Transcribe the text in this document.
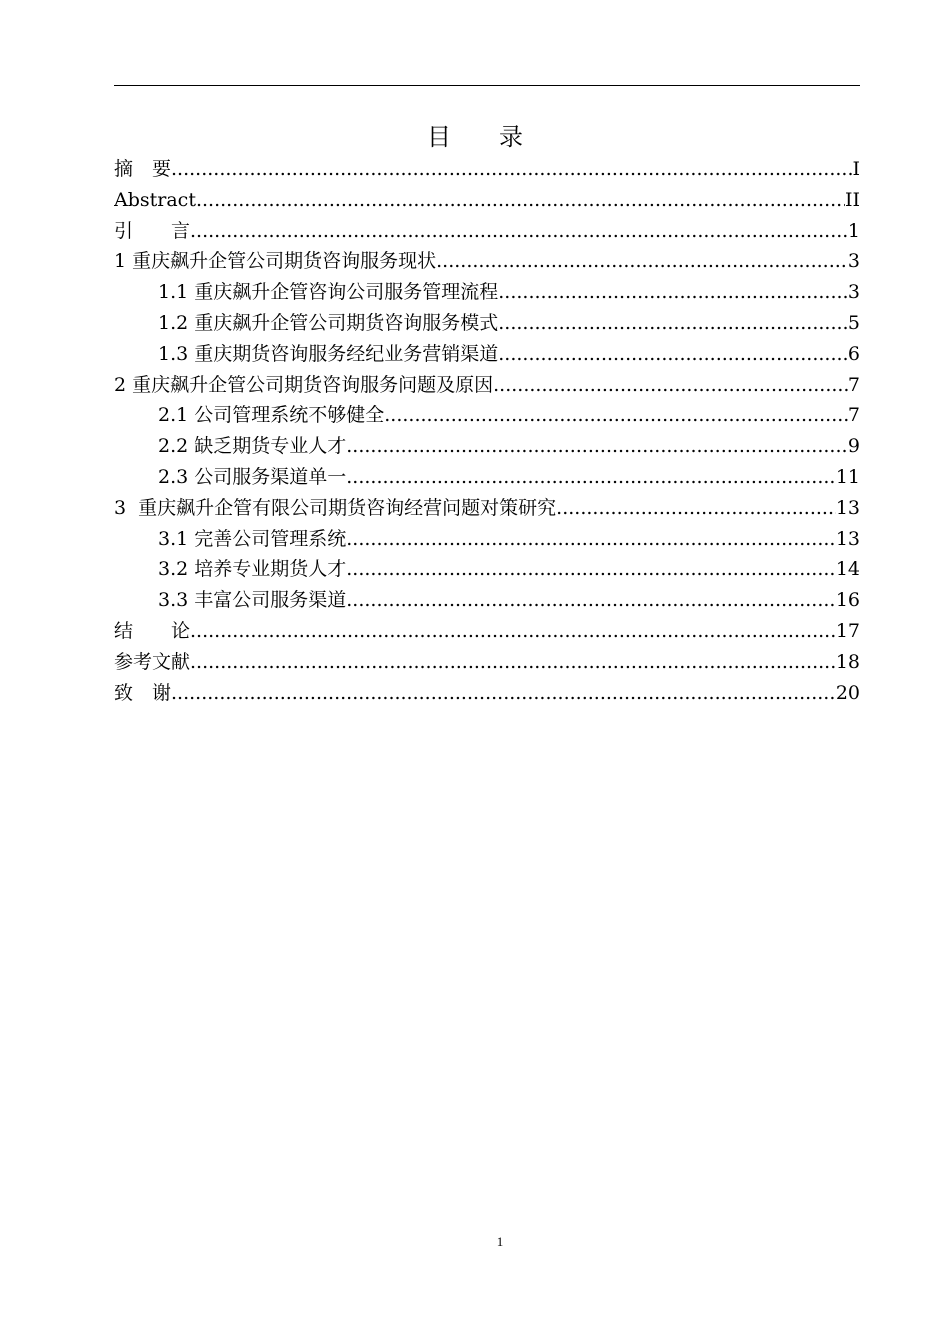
目　　录
摘　要 .....	I
Abstract .....	II
引　　言 .....	1
1 重庆飙升企管公司期货咨询服务现状 .....	3
1.1 重庆飙升企管咨询公司服务管理流程 .....	3
1.2 重庆飙升企管公司期货咨询服务模式 .....	5
1.3 重庆期货咨询服务经纪业务营销渠道 .....	6
2 重庆飙升企管公司期货咨询服务问题及原因 .....	7
2.1 公司管理系统不够健全 .....	7
2.2 缺乏期货专业人才 .....	9
2.3 公司服务渠道单一 .....	11
3  重庆飙升企管有限公司期货咨询经营问题对策研究 .....	13
3.1 完善公司管理系统 .....	13
3.2 培养专业期货人才 .....	14
3.3 丰富公司服务渠道 .....	16
结　　论 .....	17
参考文献 .....	18
致　谢 .....	20
1
